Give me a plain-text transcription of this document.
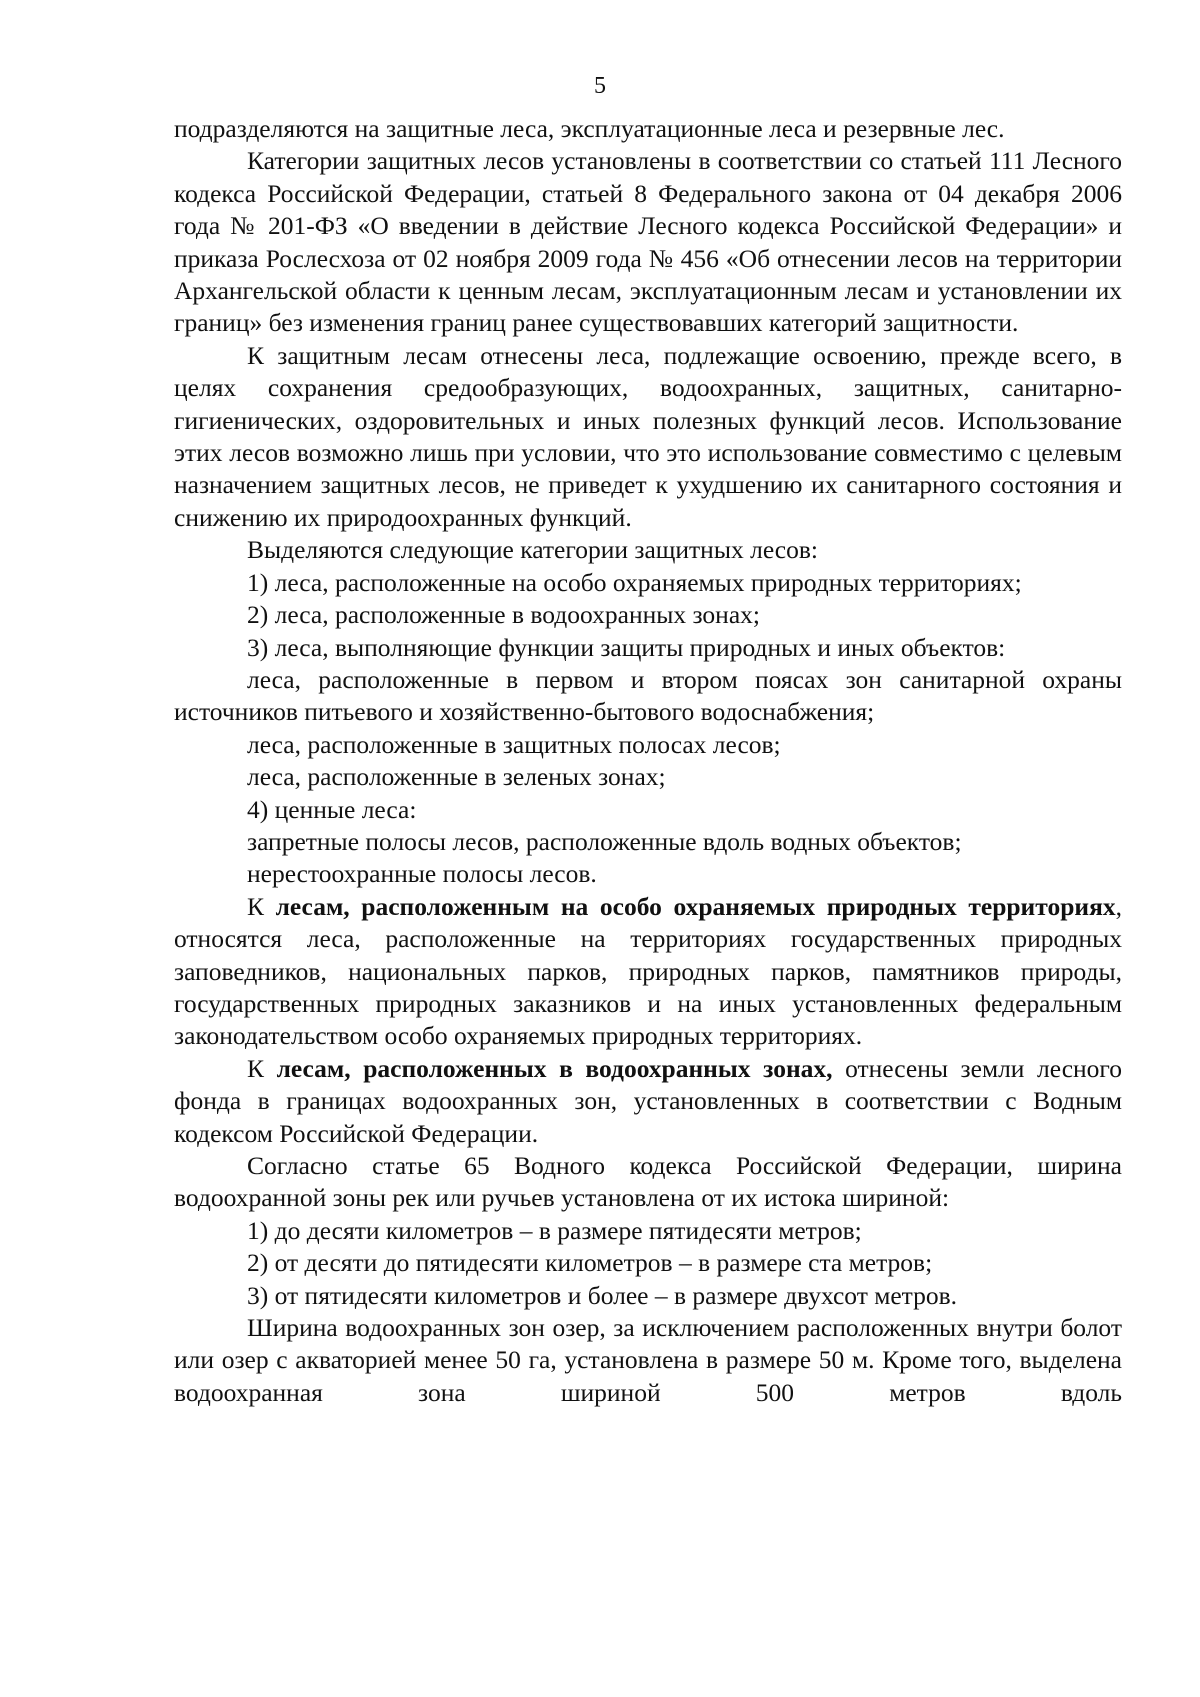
5

подразделяются на защитные леса, эксплуатационные леса и резервные лес.

Категории защитных лесов установлены в соответствии со статьей 111 Лесного кодекса Российской Федерации, статьей 8 Федерального закона от 04 декабря 2006 года № 201-ФЗ «О введении в действие Лесного кодекса Российской Федерации» и приказа Рослесхоза от 02 ноября 2009 года № 456 «Об отнесении лесов на территории Архангельской области к ценным лесам, эксплуатационным лесам и установлении их границ» без изменения границ ранее существовавших категорий защитности.

К защитным лесам отнесены леса, подлежащие освоению, прежде всего, в целях сохранения средообразующих, водоохранных, защитных, санитарно-гигиенических, оздоровительных и иных полезных функций лесов. Использование этих лесов возможно лишь при условии, что это использование совместимо с целевым назначением защитных лесов, не приведет к ухудшению их санитарного состояния и снижению их природоохранных функций.

Выделяются следующие категории защитных лесов:

1) леса, расположенные на особо охраняемых природных территориях;

2) леса, расположенные в водоохранных зонах;

3) леса, выполняющие функции защиты природных и иных объектов:

леса, расположенные в первом и втором поясах зон санитарной охраны источников питьевого и хозяйственно-бытового водоснабжения;

леса, расположенные в защитных полосах лесов;

леса, расположенные в зеленых зонах;

4) ценные леса:

запретные полосы лесов, расположенные вдоль водных объектов;

нерестоохранные полосы лесов.

К лесам, расположенным на особо охраняемых природных территориях, относятся леса, расположенные на территориях государственных природных заповедников, национальных парков, природных парков, памятников природы, государственных природных заказников и на иных установленных федеральным законодательством особо охраняемых природных территориях.

К лесам, расположенных в водоохранных зонах, отнесены земли лесного фонда в границах водоохранных зон, установленных в соответствии с Водным кодексом Российской Федерации.

Согласно статье 65 Водного кодекса Российской Федерации, ширина водоохранной зоны рек или ручьев установлена от их истока шириной:

1) до десяти километров – в размере пятидесяти метров;

2) от десяти до пятидесяти километров – в размере ста метров;

3) от пятидесяти километров и более – в размере двухсот метров.

Ширина водоохранных зон озер, за исключением расположенных внутри болот или озер с акваторией менее 50 га, установлена в размере 50 м. Кроме того, выделена водоохранная зона шириной 500 метров вдоль
